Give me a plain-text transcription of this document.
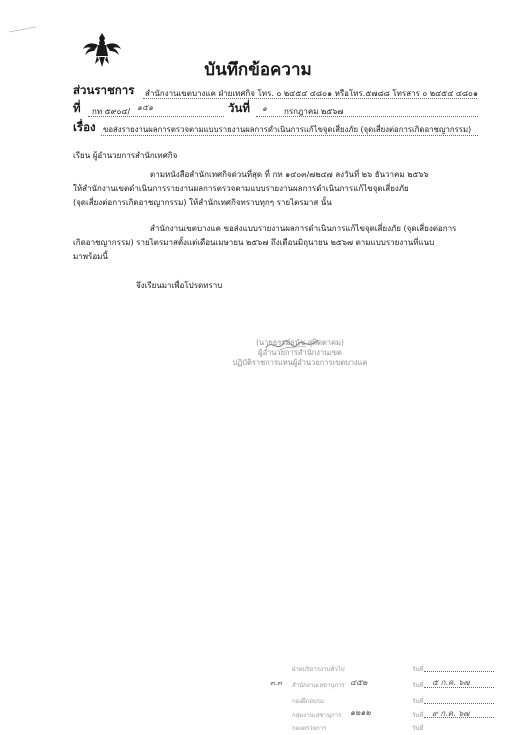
บันทึกข้อความ
ส่วนราชการ สำนักงานเขตบางแค ฝ่ายเทศกิจ โทร. ๐ ๒๔๕๔ ๔๘๐๑ หรือโทร.๕๗๘๘ โทรสาร ๐ ๒๔๕๔ ๔๘๐๑
ที่ กท ๕๙๐๔/ ๑๕๑	วันที่ ๑ กรกฎาคม ๒๕๖๗
เรื่อง ขอส่งรายงานผลการตรวจตามแบบรายงานผลการดำเนินการแก้ไขจุดเสี่ยงภัย (จุดเสี่ยงต่อการเกิดอาชญากรรม)
เรียน ผู้อำนวยการสำนักเทศกิจ
ตามหนังสือสำนักเทศกิจด่วนที่สุด ที่ กท ๑๔๐๓/๗๒๔๗ ลงวันที่ ๒๖ ธันวาคม ๒๕๖๖
ให้สำนักงานเขตดำเนินการรายงานผลการตรวจตามแบบรายงานผลการดำเนินการแก้ไขจุดเสี่ยงภัย
(จุดเสี่ยงต่อการเกิดอาชญากรรม) ให้สำนักเทศกิจทราบทุกๆ รายไตรมาส นั้น
สำนักงานเขตบางแค ขอส่งแบบรายงานผลการดำเนินการแก้ไขจุดเสี่ยงภัย (จุดเสี่ยงต่อการ
เกิดอาชญากรรม) รายไตรมาสตั้งแต่เดือนเมษายน ๒๕๖๗ ถึงเดือนมิถุนายน ๒๕๖๗ ตามแบบรายงานที่แนบ
มาพร้อมนี้
จึงเรียนมาเพื่อโปรดทราบ
(นายธรรม์ธนัช สุพิตตาคม)
ผู้อำนวยการสำนักงานเขต
ปฏิบัติราชการแทนผู้อำนวยการเขตบางแค
ฝ่ายบริหารงานทั่วไป	วันที่
๓.๓ สำนักงานเลขานุการ ๔๕๒	วันที่ ๕ ก.ค. ๖๗
กองฝึกอบรม	วันที่
กลุ่มงานเลขานุการ ๑๒๑๒	วันที่ ๙ ก.ค. ๖๗
กองตรวจการ	วันที่
